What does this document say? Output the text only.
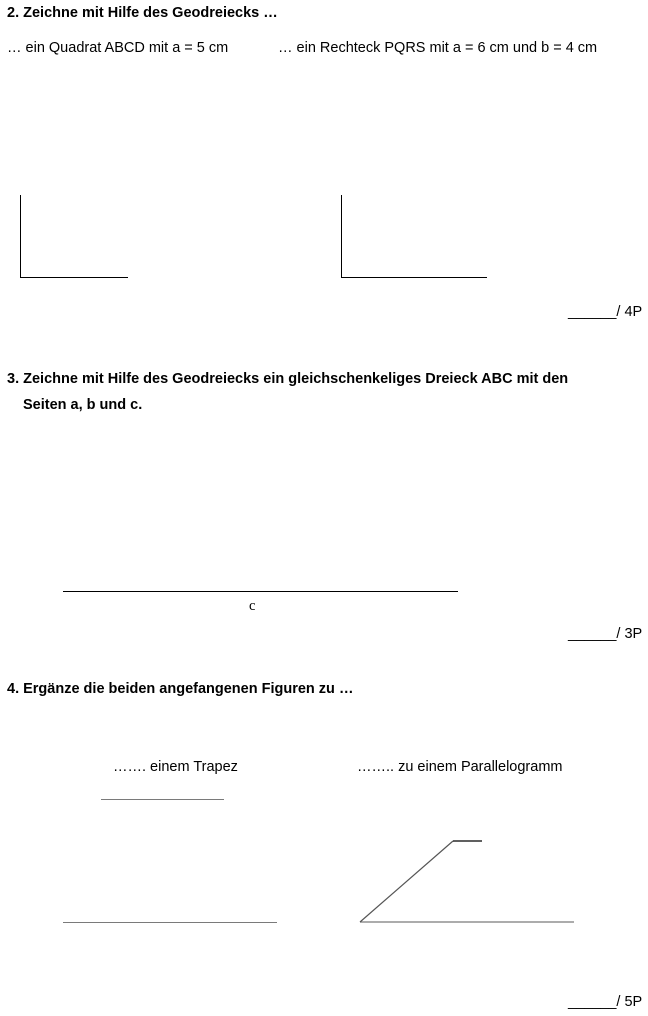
2. Zeichne mit Hilfe des Geodreiecks …
… ein Quadrat ABCD mit a = 5 cm	… ein Rechteck PQRS mit a = 6 cm und b = 4 cm
______/ 4P
3. Zeichne mit Hilfe des Geodreiecks ein gleichschenkeliges Dreieck ABC mit den
Seiten a, b und c.
c
______/ 3P
4. Ergänze die beiden angefangenen Figuren zu …
……. einem Trapez	…….. zu einem Parallelogramm
______/ 5P
